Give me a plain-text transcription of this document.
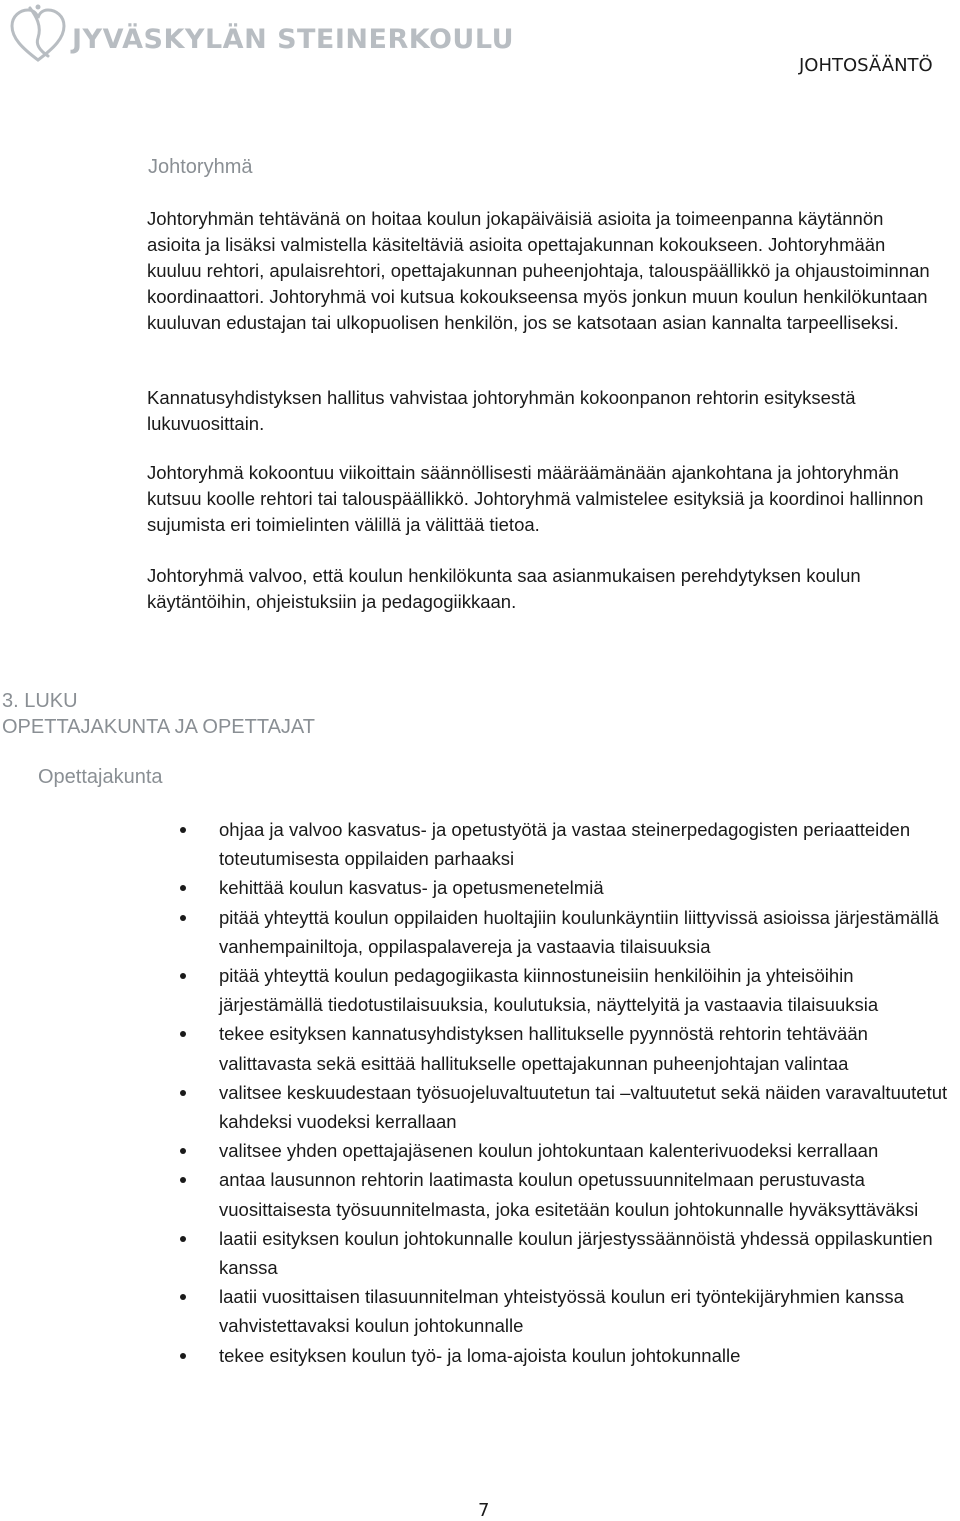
JYVÄSKYLÄN STEINERKOULU
JOHTOSÄÄNTÖ
Johtoryhmä

Johtoryhmän tehtävänä on hoitaa koulun jokapäiväisiä asioita ja toimeenpanna käytännön asioita ja lisäksi valmistella käsiteltäviä asioita opettajakunnan kokoukseen. Johtoryhmään kuuluu rehtori, apulaisrehtori, opettajakunnan puheenjohtaja, talouspäällikkö ja ohjaustoiminnan koordinaattori. Johtoryhmä voi kutsua kokoukseensa myös jonkun muun koulun henkilökuntaan kuuluvan edustajan tai ulkopuolisen henkilön, jos se katsotaan asian kannalta tarpeelliseksi.

Kannatusyhdistyksen hallitus vahvistaa johtoryhmän kokoonpanon rehtorin esityksestä lukuvuosittain.

Johtoryhmä kokoontuu viikoittain säännöllisesti määräämänään ajankohtana ja johtoryhmän kutsuu koolle rehtori tai talouspäällikkö. Johtoryhmä valmistelee esityksiä ja koordinoi hallinnon sujumista eri toimielinten välillä ja välittää tietoa.

Johtoryhmä valvoo, että koulun henkilökunta saa asianmukaisen perehdytyksen koulun käytäntöihin, ohjeistuksiin ja pedagogiikkaan.

3. LUKU
OPETTAJAKUNTA JA OPETTAJAT
Opettajakunta
ohjaa ja valvoo kasvatus- ja opetustyötä ja vastaa steinerpedagogisten periaatteiden toteutumisesta oppilaiden parhaaksi
kehittää koulun kasvatus- ja opetusmenetelmiä
pitää yhteyttä koulun oppilaiden huoltajiin koulunkäyntiin liittyvissä asioissa järjestämällä vanhempainiltoja, oppilaspalavereja ja vastaavia tilaisuuksia
pitää yhteyttä koulun pedagogiikasta kiinnostuneisiin henkilöihin ja yhteisöihin järjestämällä tiedotustilaisuuksia, koulutuksia, näyttelyitä ja vastaavia tilaisuuksia
tekee esityksen kannatusyhdistyksen hallitukselle pyynnöstä rehtorin tehtävään valittavasta sekä esittää hallitukselle opettajakunnan puheenjohtajan valintaa
valitsee keskuudestaan työsuojeluvaltuutetun tai –valtuutetut sekä näiden varavaltuutetut kahdeksi vuodeksi kerrallaan
valitsee yhden opettajajäsenen koulun johtokuntaan kalenterivuodeksi kerrallaan
antaa lausunnon rehtorin laatimasta koulun opetussuunnitelmaan perustuvasta vuosittaisesta työsuunnitelmasta, joka esitetään koulun johtokunnalle hyväksyttäväksi
laatii esityksen koulun johtokunnalle koulun järjestyssäännöistä yhdessä oppilaskuntien kanssa
laatii vuosittaisen tilasuunnitelman yhteistyössä koulun eri työntekijäryhmien kanssa vahvistettavaksi koulun johtokunnalle
tekee esityksen koulun työ- ja loma-ajoista koulun johtokunnalle
7
